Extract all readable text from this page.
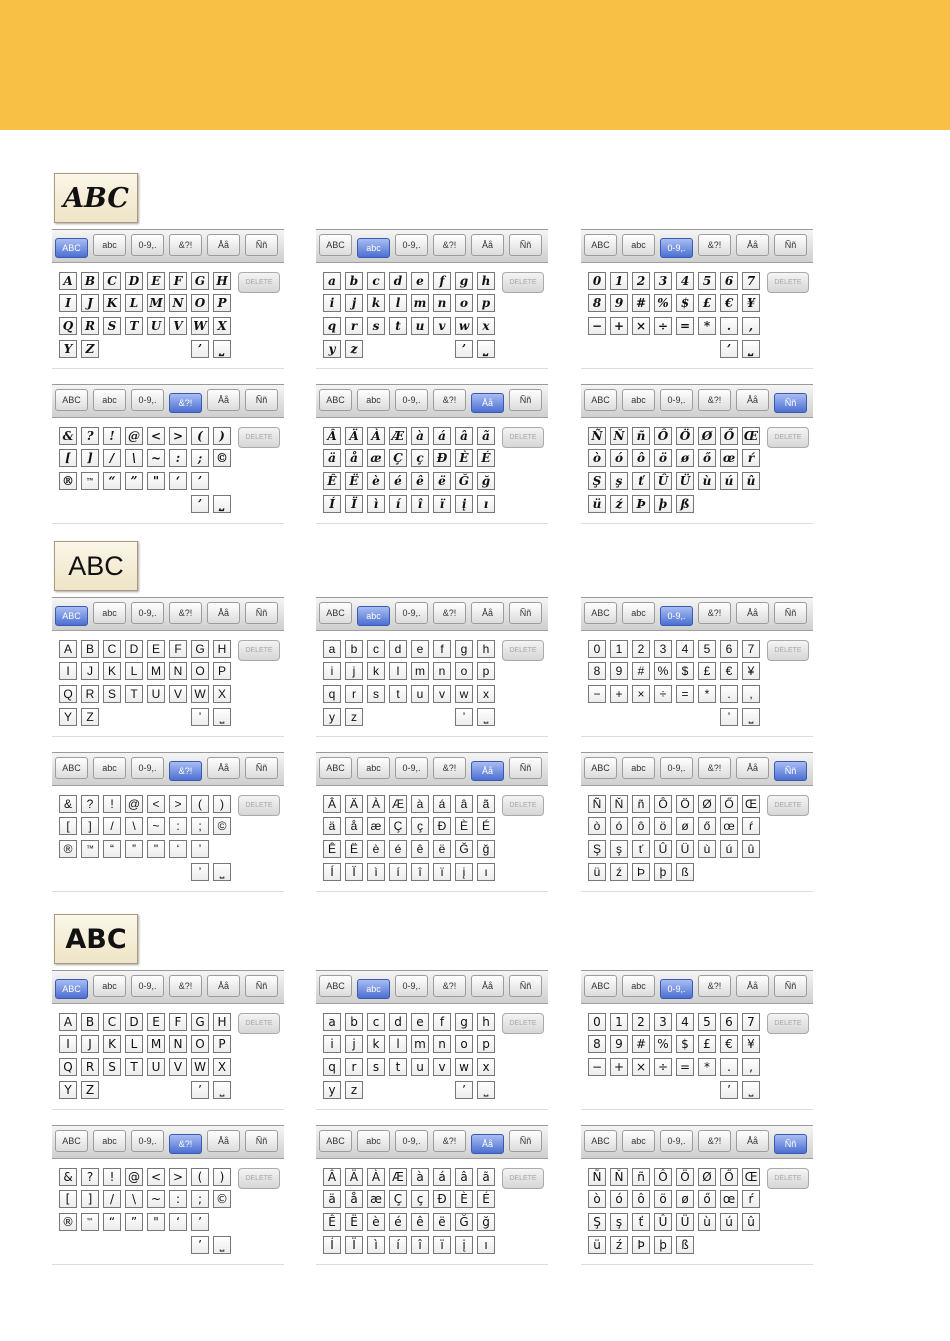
ABC
ABC	abc	0-9,.	&?!	Åå	Ññ
A	B	C	D	E	F	G H
I	J	K	L M N O	P
Q R	S	T	U	V W X
Y	Z	’	⎵
DELETE
ABC	abc	0-9,.	&?!	Åå	Ññ
a	b	c	d	e	f	g	h
i	j	k	l	m n	o	p
q	r	s	t	u	v	w	x
y	z	’	⎵
DELETE
ABC	abc	0-9,.	&?!	Åå	Ññ
0	1	2	3	4	5	6	7
8	9	# %	$	£	€	¥
− + × ÷ =	*	.	,
’	⎵
DELETE
ABC	abc	0-9,.	&?!	Åå	Ññ
&	?	!	@ < >	(	)
[	]	/	\	~	:	;	©
®	™	“	”	"	‘	’
’	⎵
DELETE
ABC	abc	0-9,.	&?!	Åå	Ññ
Â	Ä	À Æ à	á	â	ã
ä	å	æ Ç	ç	Ð	È	É
Ê	Ë	è	é	ê	ë	Ğ	ğ
Í	Ï	ì	í	î	ï	į	ı
DELETE
ABC	abc	0-9,.	&?!	Åå	Ññ
Ñ Ň	ñ	Ô Ö Ø Ő Œ
ò	ó	ô	ö	ø	ő œ	ŕ
Ş	ş	ť	Û Ü	ù	ú	û
ü	ź	Þ	þ	ß
DELETE
ABC
ABC	abc	0-9,.	&?!	Åå	Ññ
A	B	C	D	E	F	G	H
I	J	K	L	M	N	O	P
Q	R	S	T	U	V	W	X
Y	Z	’	⎵
DELETE
ABC	abc	0-9,.	&?!	Åå	Ññ
a	b	c	d	e	f	g	h
i	j	k	l	m	n	o	p
q	r	s	t	u	v	w	x
y	z	’	⎵
DELETE
ABC	abc	0-9,.	&?!	Åå	Ññ
0	1	2	3	4	5	6	7
8	9	#	%	$	£	€	¥
−	+	×	÷	=	*	.	,
’	⎵
DELETE
ABC	abc	0-9,.	&?!	Åå	Ññ
&	?	!	@	<	>	(	)
[	]	/	\	~	:	;	©
®	™	“	”	"	‘	’
’	⎵
DELETE
ABC	abc	0-9,.	&?!	Åå	Ññ
Â	Ä	À	Æ	à	á	â	ã
ä	å	æ	Ç	ç	Ð	È	É
Ê	Ë	è	é	ê	ë	Ğ	ğ
Í	Ï	ì	í	î	ï	į	ı
DELETE
ABC	abc	0-9,.	&?!	Åå	Ññ
Ñ	Ň	ñ	Ô	Ö	Ø	Ő Œ
ò	ó	ô	ö	ø	ő	œ	ŕ
Ş	ş	ť	Û	Ü	ù	ú	û
ü	ź	Þ	þ	ß
DELETE
ABC
ABC	abc	0-9,.	&?!	Åå	Ññ
A	B	C	D	E	F	G	H
I	J	K	L	M	N	O	P
Q	R	S	T	U	V W X
Y	Z	’	⎵
DELETE
ABC	abc	0-9,.	&?!	Åå	Ññ
a	b	c	d	e	f	g	h
i	j	k	l	m	n	o	p
q	r	s	t	u	v	w	x
y	z	’	⎵
DELETE
ABC	abc	0-9,.	&?!	Åå	Ññ
0	1	2	3	4	5	6	7
8	9	# %	$	£	€	¥
− + × ÷ =	*	.	,
’	⎵
DELETE
ABC	abc	0-9,.	&?!	Åå	Ññ
&	?	!	@ < >	(	)
[	]	/	\	~	:	;	©
®	™	“	”	"	‘	’
’	⎵
DELETE
ABC	abc	0-9,.	&?!	Åå	Ññ
Â	Ä	À	Æ	à	á	â	ã
ä	å	æ Ç	ç	Ð	È	É
Ê	Ë	è	é	ê	ë	Ğ	ğ
Í	Ï	ì	í	î	ï	į	ı
DELETE
ABC	abc	0-9,.	&?!	Åå	Ññ
Ñ	Ň	ñ	Ô	Ö	Ø	Ő Œ
ò	ó	ô	ö	ø	ő	œ	ŕ
Ş	ş	ť	Û	Ü	ù	ú	û
ü	ź	Þ	þ	ß
DELETE
